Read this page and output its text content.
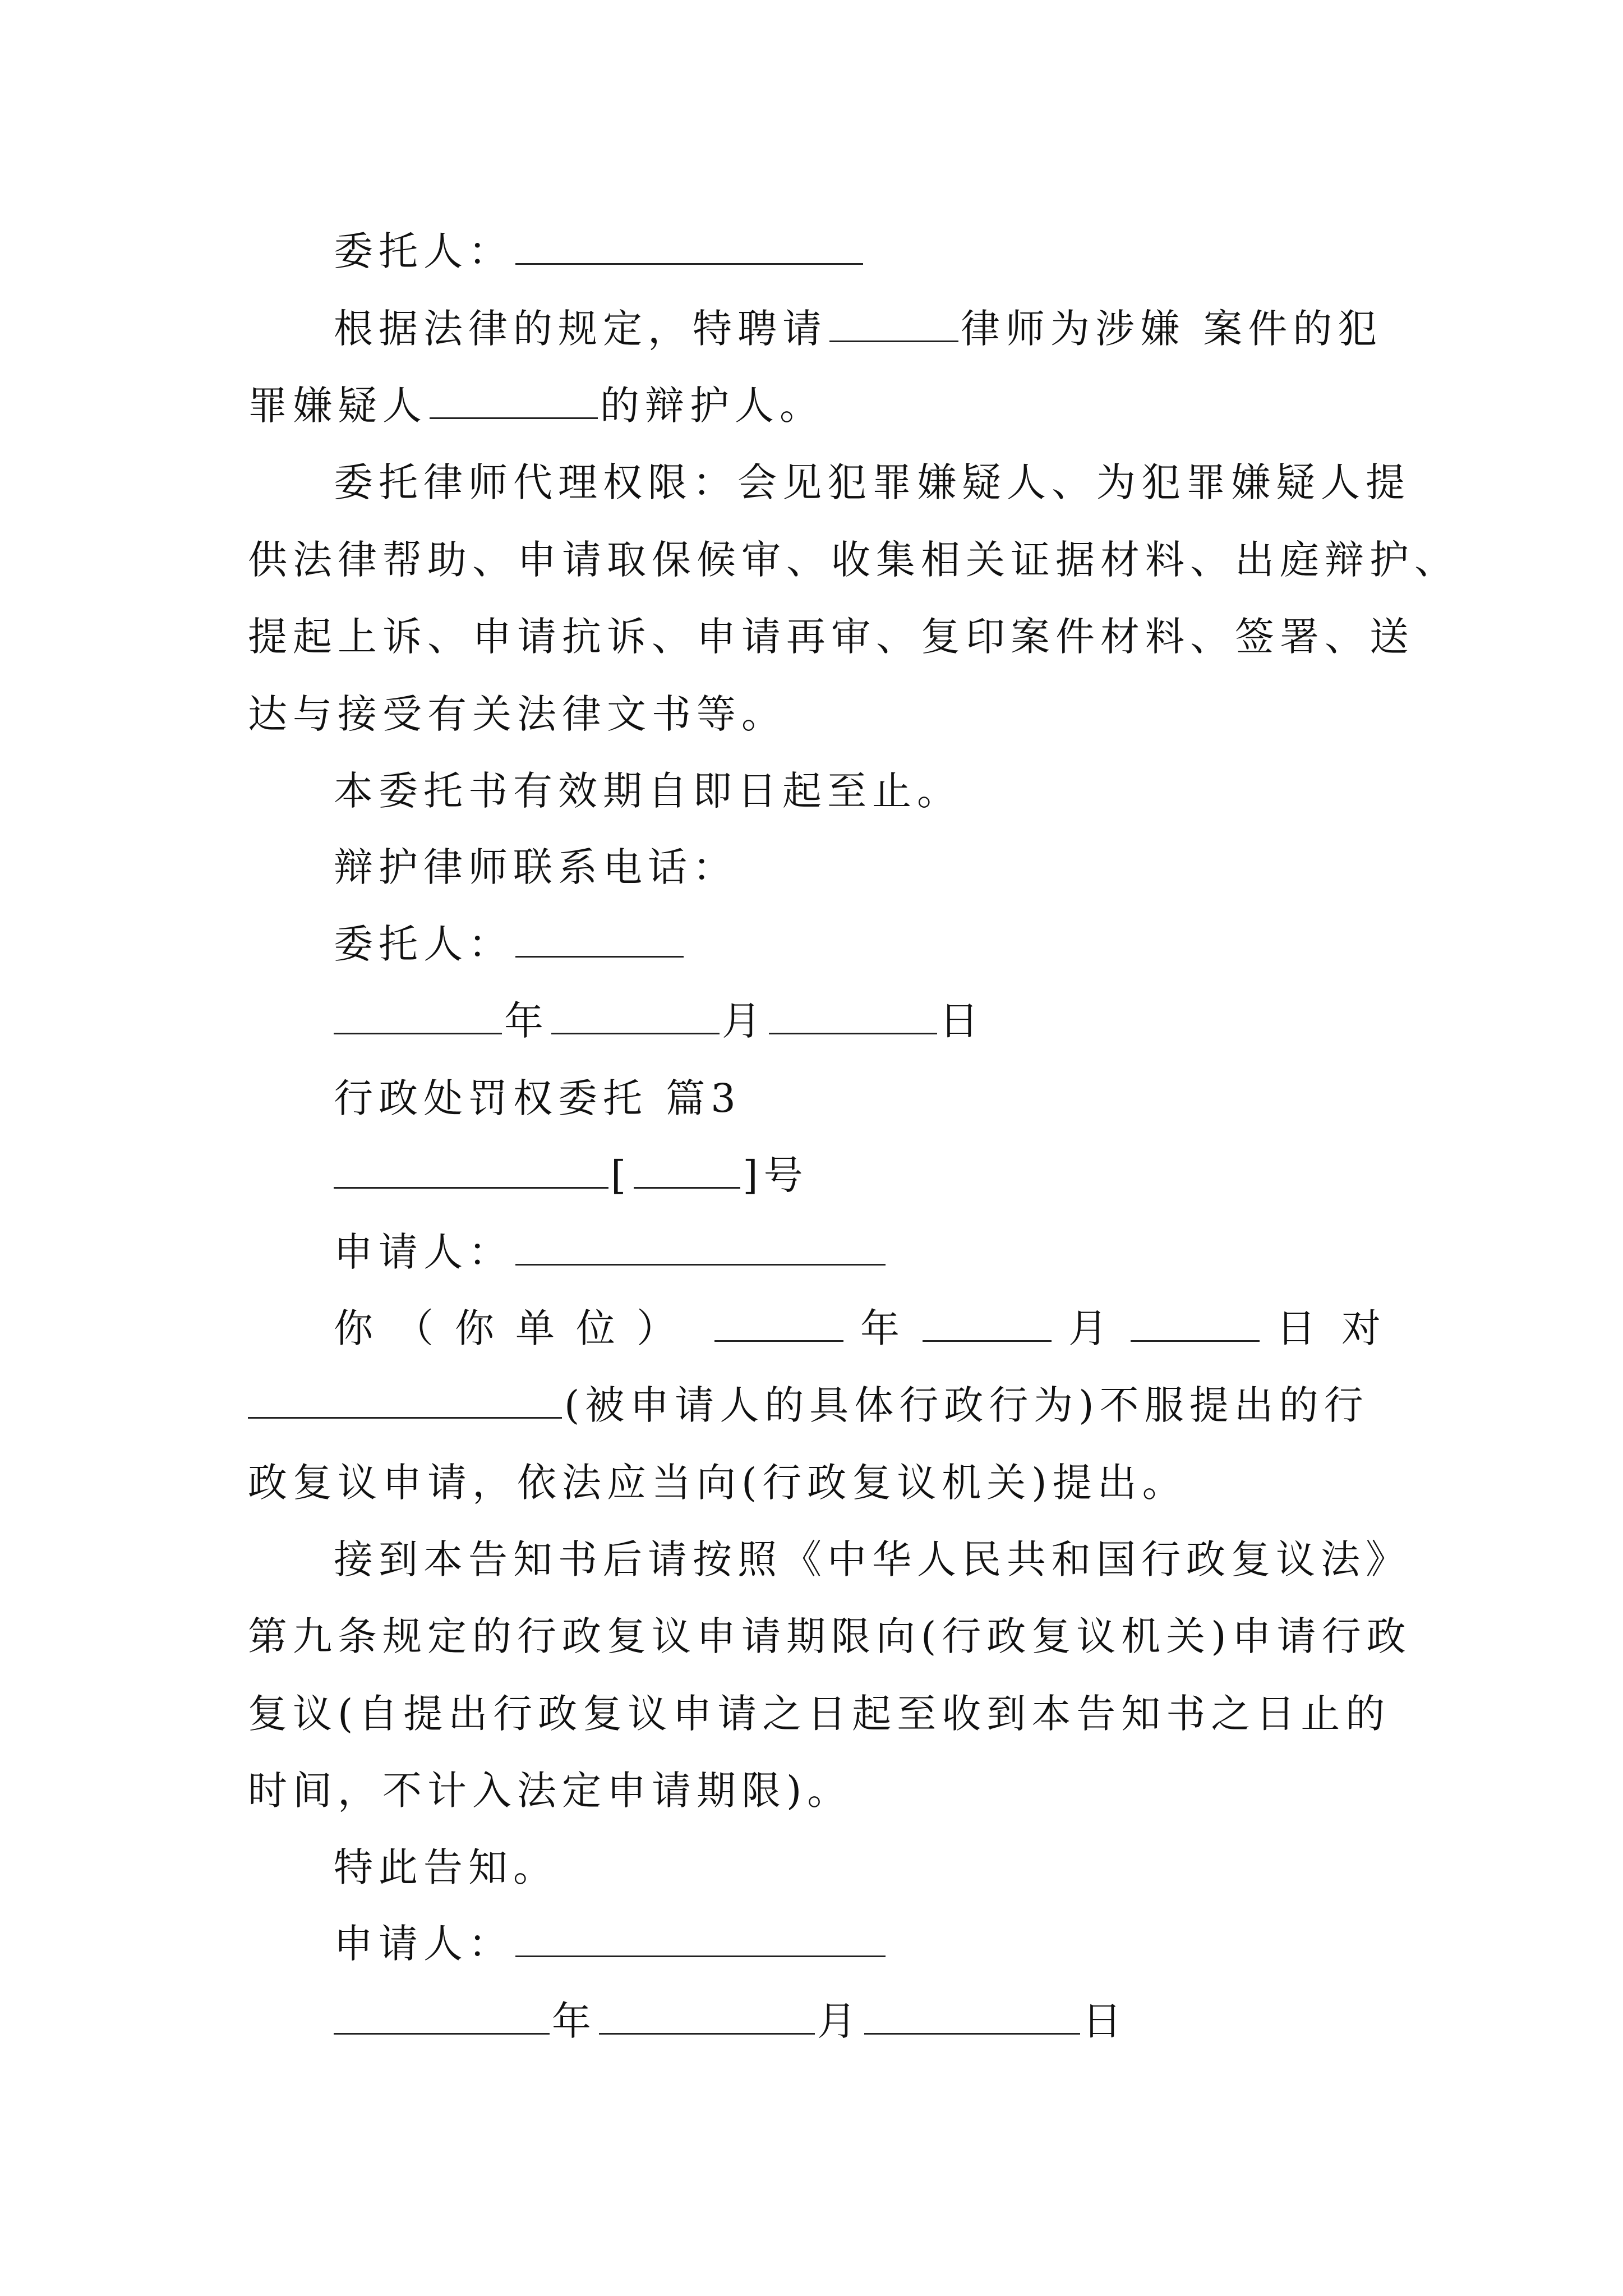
委托人：
根据法律的规定，特聘请	律师为涉嫌 案件的犯
罪嫌疑人	的辩护人。
委托律师代理权限：会见犯罪嫌疑人、为犯罪嫌疑人提
供法律帮助、申请取保候审、收集相关证据材料、出庭辩护、
提起上诉、申请抗诉、申请再审、复印案件材料、签署、送
达与接受有关法律文书等。
本委托书有效期自即日起至止。
辩护律师联系电话：
委托人：
年	月	日
行政处罚权委托 篇3
[	]号
申请人：
你（你单位）	年	月	日对
(被申请人的具体行政行为)不服提出的行
政复议申请，依法应当向(行政复议机关)提出。
接到本告知书后请按照《中华人民共和国行政复议法》
第九条规定的行政复议申请期限向(行政复议机关)申请行政
复议(自提出行政复议申请之日起至收到本告知书之日止的
时间，不计入法定申请期限)。
特此告知。
申请人：
年	月	日
